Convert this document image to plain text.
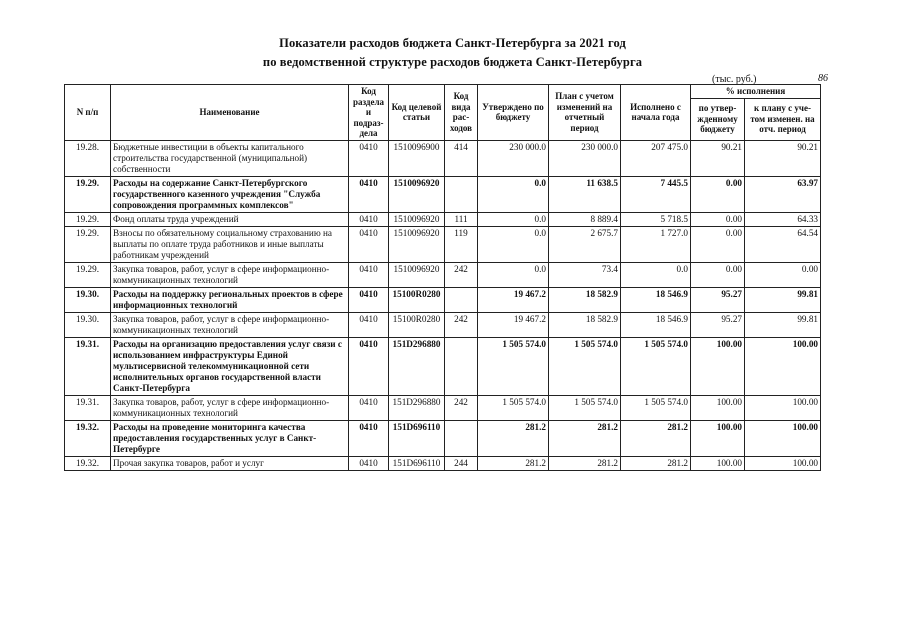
Показатели расходов бюджета Санкт-Петербурга за 2021 год
по ведомственной структуре расходов бюджета Санкт-Петербурга
(тыс. руб.)	86
N п/п	Наименование	Код раздела и подраз-дела	Код целевой статьи	Код вида рас-ходов	Утверждено по бюджету	План с учетом изменений на отчетный период	Исполнено с начала года	% исполнения	
								по утвер-жденному бюджету	к плану с уче-том изменен. на отч. период
19.28.	Бюджетные инвестиции в объекты капитального строительства государственной (муниципальной) собственности	0410	1510096900	414	230 000.0	230 000.0	207 475.0	90.21	90.21
19.29.	Расходы на содержание Санкт-Петербургского государственного казенного учреждения "Служба сопровождения программных комплексов"	0410	1510096920		0.0	11 638.5	7 445.5	0.00	63.97
19.29.	Фонд оплаты труда учреждений	0410	1510096920	111	0.0	8 889.4	5 718.5	0.00	64.33
19.29.	Взносы по обязательному социальному страхованию на выплаты по оплате труда работников и иные выплаты работникам учреждений	0410	1510096920	119	0.0	2 675.7	1 727.0	0.00	64.54
19.29.	Закупка товаров, работ, услуг в сфере информационно-коммуникационных технологий	0410	1510096920	242	0.0	73.4	0.0	0.00	0.00
19.30.	Расходы на поддержку региональных проектов в сфере информационных технологий	0410	15100R0280		19 467.2	18 582.9	18 546.9	95.27	99.81
19.30.	Закупка товаров, работ, услуг в сфере информационно-коммуникационных технологий	0410	15100R0280	242	19 467.2	18 582.9	18 546.9	95.27	99.81
19.31.	Расходы на организацию предоставления услуг связи с использованием инфраструктуры Единой мультисервисной телекоммуникационной сети исполнительных органов государственной власти Санкт-Петербурга	0410	151D296880		1 505 574.0	1 505 574.0	1 505 574.0	100.00	100.00
19.31.	Закупка товаров, работ, услуг в сфере информационно-коммуникационных технологий	0410	151D296880	242	1 505 574.0	1 505 574.0	1 505 574.0	100.00	100.00
19.32.	Расходы на проведение мониторинга качества предоставления государственных услуг в Санкт-Петербурге	0410	151D696110		281.2	281.2	281.2	100.00	100.00
19.32.	Прочая закупка товаров, работ и услуг	0410	151D696110	244	281.2	281.2	281.2	100.00	100.00
